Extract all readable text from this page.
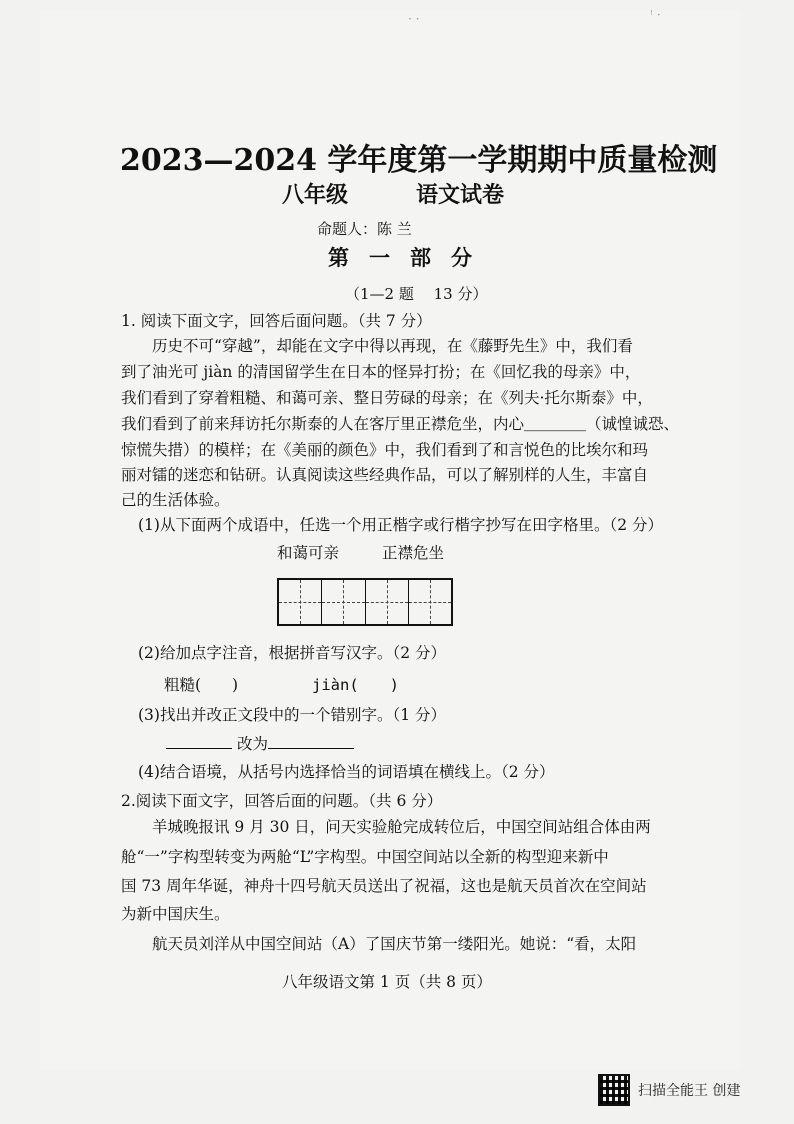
· ·	ꜝ ·
2023—2024 学年度第一学期期中质量检测
八年级	语文试卷
命题人：陈 兰
第一部分
（1—2 题　 13 分）
1. 阅读下面文字，回答后面问题。（共 7 分）
　　历史不可“穿越”，却能在文字中得以再现，在《藤野先生》中，我们看
到了油光可 jiàn 的清国留学生在日本的怪异打扮；在《回忆我的母亲》中，
我们看到了穿着粗糙、和蔼可亲、整日劳碌的母亲；在《列夫·托尔斯泰》中，
我们看到了前来拜访托尔斯泰的人在客厅里正襟危坐，内心＿＿＿＿（诚惶诚恐、
惊慌失措）的模样；在《美丽的颜色》中，我们看到了和言悦色的比埃尔和玛
丽对镭的迷恋和钻研。认真阅读这些经典作品，可以了解别样的人生，丰富自
己的生活体验。
(1)从下面两个成语中，任选一个用正楷字或行楷字抄写在田字格里。（2 分）
和蔼可亲	正襟危坐
(2)给加点字注音，根据拼音写汉字。（2 分）
粗糙(　　)	jiàn(　　)
(3)找出并改正文段中的一个错别字。（1 分）
改为
(4)结合语境，从括号内选择恰当的词语填在横线上。（2 分）
2.阅读下面文字，回答后面的问题。（共 6 分）
　　羊城晚报讯 9 月 30 日，问天实验舱完成转位后，中国空间站组合体由两
舱“一”字构型转变为两舱“L”字构型。中国空间站以全新的构型迎来新中
国 73 周年华诞，神舟十四号航天员送出了祝福，这也是航天员首次在空间站
为新中国庆生。
　　航天员刘洋从中国空间站（A）了国庆节第一缕阳光。她说：“看，太阳
八年级语文第 1 页（共 8 页）
扫描全能王 创建
